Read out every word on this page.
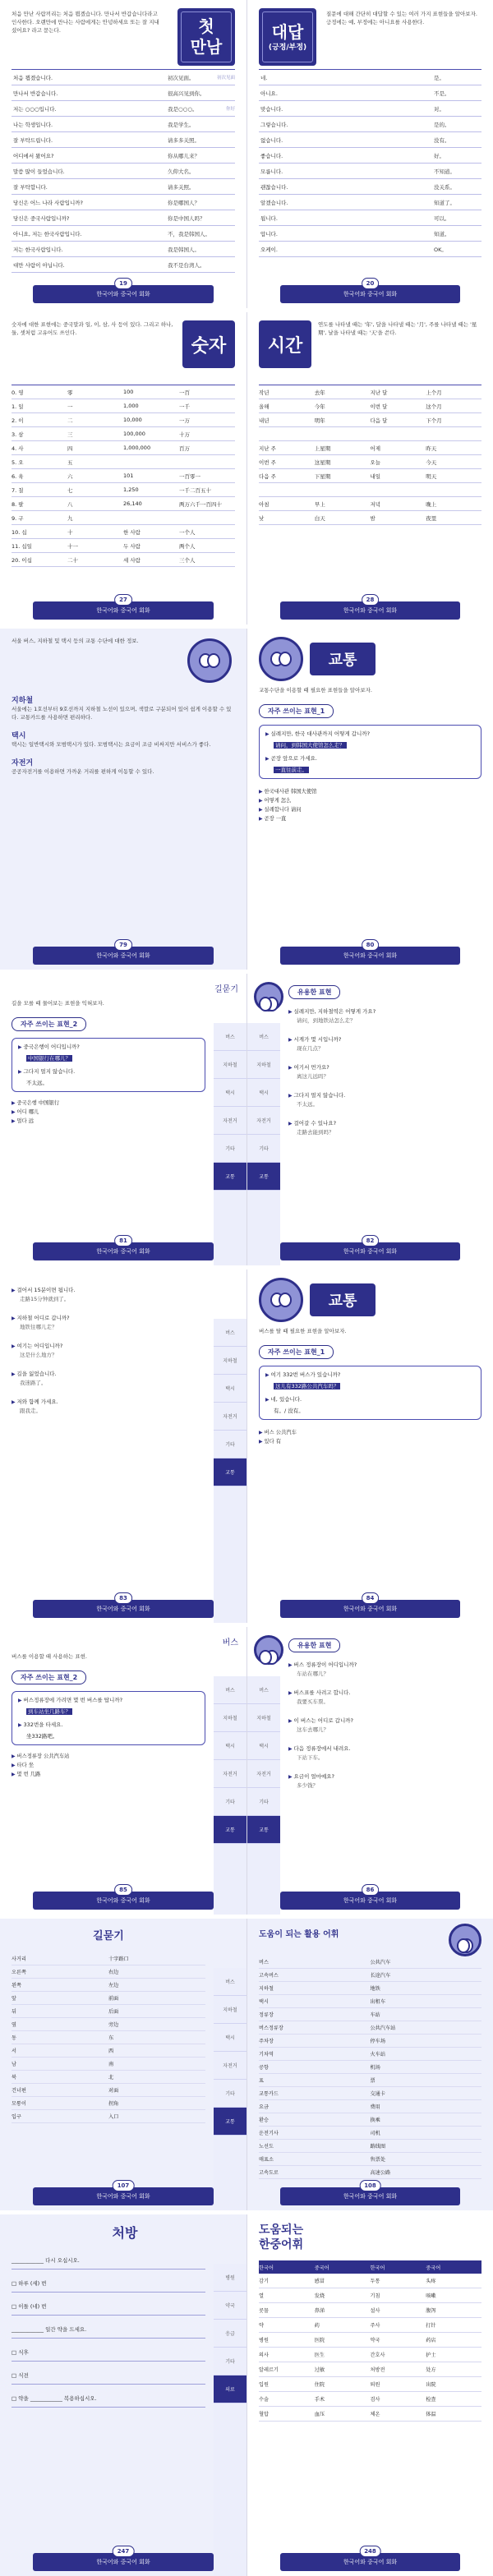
첫
만남

처음 만난 사람끼리는 처음 뵙겠습니다. 만나서 반갑습니다라고 인사한다. 오랜만에 만나는 사람에게는 안녕하세요 또는 잘 지내셨어요? 라고 묻는다.

처음 뵙겠습니다.	初次见面。	初次见面
만나서 반갑습니다.	很高兴见到你。
저는 ○○○입니다.	我是○○○。	你好
나는 학생입니다.	我是学生。
잘 부탁드립니다.	请多多关照。
어디에서 왔어요?	你从哪儿来？
말씀 많이 들었습니다.	久仰大名。
잘 부탁합니다.	请多关照。
당신은 어느 나라 사람입니까?	你是哪国人？
당신은 중국사람입니까?	你是中国人吗？
아니요, 저는 한국사람입니다.	不，我是韩国人。
저는 한국사람입니다.	我是韩国人。
대만 사람이 아닙니다.	我不是台湾人。
19
한국어와 중국어 회화
대답
(긍정/부정)

질문에 대해 간단히 대답할 수 있는 여러 가지 표현들을 알아보자. 긍정에는 예, 부정에는 아니요를 사용한다.

네.	是。
아니요.	不是。
맞습니다.	对。
그렇습니다.	是的。
없습니다.	没有。
좋습니다.	好。
모릅니다.	不知道。
괜찮습니다.	没关系。
알겠습니다.	知道了。
됩니다.	可以。
압니다.	知道。
오케이.	OK。
20
한국어와 중국어 회화

숫자에 대한 표현에는 중국말과 일, 이, 삼, 사 등이 있다. 그리고 하나, 둘, 셋처럼 고유어도 쓰인다.

숫자
0. 영	零	100	一百
1. 일	一	1,000	一千
2. 이	二	10,000	一万
3. 삼	三	100,000	十万
4. 사	四	1,000,000	百万
5. 오	五
6. 육	六	101	一百零一
7. 칠	七	1,250	一千二百五十
8. 팔	八	26,140	两万六千一百四十
9. 구	九
10. 십	十	한 사람	一个人
11. 십일	十一	두 사람	两个人
20. 이십	二十	세 사람	三个人
27
한국어와 중국어 회화
시간

연도를 나타낼 때는 '年', 달을 나타낼 때는 '月', 주를 나타낼 때는 '星期', 날을 나타낼 때는 '天'을 쓴다.

작년	去年	지난 달	上个月
올해	今年	이번 달	这个月
내년	明年	다음 달	下个月
지난 주	上星期	어제	昨天
이번 주	这星期	오늘	今天
다음 주	下星期	내일	明天
아침	早上	저녁	晚上
낮	白天	밤	夜里
28
한국어와 중국어 회화

서울 버스, 지하철 및 택시 등의 교통 수단에 대한 정보.

지하철

서울에는 1호선부터 9호선까지 지하철 노선이 있으며, 색깔로 구분되어 있어 쉽게 이용할 수 있다. 교통카드를 사용하면 편리하다.

택시

택시는 일반택시와 모범택시가 있다. 모범택시는 요금이 조금 비싸지만 서비스가 좋다.

자전거

공공자전거를 이용하면 가까운 거리를 편하게 이동할 수 있다.

79
한국어와 중국어 회화
교통

교통수단을 이용할 때 필요한 표현들을 알아보자.

자주 쓰이는 표현_1
▶ 실례지만, 한국 대사관까지 어떻게 갑니까?
请问，到韩国大使馆怎么走？
▶ 곧장 앞으로 가세요.
一直往前走。
▶ 한국대사관 韩国大使馆
▶ 어떻게 怎么
▶ 실례합니다 请问
▶ 곧장 一直
80
한국어와 중국어 회화
버스
지하철
택시
자전거
기타
교통
길묻기

길을 모를 때 물어보는 표현을 익혀보자.

자주 쓰이는 표현_2
▶ 중국은행이 어디입니까?
中国银行在哪儿？
▶ 그다지 멀지 않습니다.
不太远。
▶ 중국은행 中国银行
▶ 어디 哪儿
▶ 멀다 远
81
한국어와 중국어 회화
버스
지하철
택시
자전거
기타
교통
유용한 표현
▶ 실례지만, 지하철역은 어떻게 가요?
请问，到地铁站怎么走？
▶ 시계가 몇 시입니까?
现在几点？
▶ 여기서 먼가요?
离这儿远吗？
▶ 그다지 멀지 않습니다.
不太远。
▶ 걸어갈 수 있나요?
走路去能到吗？
82
한국어와 중국어 회화
버스
지하철
택시
자전거
기타
교통
▶ 걸어서 15분이면 됩니다.
走路15分钟就到了。
▶ 지하철 어디로 갑니까?
地铁往哪儿走？
▶ 여기는 어디입니까?
这是什么地方？
▶ 길을 잃었습니다.
我迷路了。
▶ 저와 함께 가세요.
跟我走。
83
한국어와 중국어 회화
교통

버스를 탈 때 필요한 표현을 알아보자.

자주 쓰이는 표현_1
▶ 여기 332번 버스가 있습니까?
这儿有332路公共汽车吗？
▶ 네, 있습니다.
有。/ 没有。
▶ 버스 公共汽车
▶ 있다 有
84
한국어와 중국어 회화
버스
지하철
택시
자전거
기타
교통
버스

버스를 이용할 때 사용하는 표현.

자주 쓰이는 표현_2
▶ 버스정류장에 가려면 몇 번 버스를 탑니까?
到车站坐几路车？
▶ 332번을 타세요.
坐332路吧。
▶ 버스정류장 公共汽车站
▶ 타다 坐
▶ 몇 번 几路
85
한국어와 중국어 회화
버스
지하철
택시
자전거
기타
교통
유용한 표현
▶ 버스 정류장이 어디입니까?
车站在哪儿？
▶ 버스표를 사려고 합니다.
我要买车票。
▶ 이 버스는 어디로 갑니까?
这车去哪儿？
▶ 다음 정류장에서 내려요.
下站下车。
▶ 요금이 얼마예요?
多少钱？
86
한국어와 중국어 회화
버스
지하철
택시
자전거
기타
교통
길묻기
사거리	十字路口
오른쪽	右边
왼쪽	左边
앞	前面
뒤	后面
옆	旁边
동	东
서	西
남	南
북	北
건너편	对面
모퉁이	拐角
입구	入口
107
한국어와 중국어 회화
도움이 되는 활용 어휘
버스	公共汽车
고속버스	长途汽车
지하철	地铁
택시	出租车
정류장	车站
버스정류장	公共汽车站
주차장	停车场
기차역	火车站
공항	机场
표	票
교통카드	交通卡
요금	费用
환승	换乘
운전기사	司机
노선도	路线图
매표소	售票处
고속도로	高速公路
108
한국어와 중국어 회화
병원
약국
응급
기타
의료
처방
____________ 다시 오십시오.
□ 하루 (세) 번
□ 이틀 (네) 번
____________ 일간 약을 드세요.
□ 식후
□ 식전
□ 약을 ____________ 복용하십시오.
247
한국어와 중국어 회화
도움되는 한중어휘
한국어	중국어	한국어	중국어
감기	感冒	두통	头疼
열	发烧	기침	咳嗽
콧물	鼻涕	설사	腹泻
약	药	주사	打针
병원	医院	약국	药店
의사	医生	간호사	护士
알레르기	过敏	처방전	处方
입원	住院	퇴원	出院
수술	手术	검사	检查
혈압	血压	체온	体温
248
한국어와 중국어 회화
